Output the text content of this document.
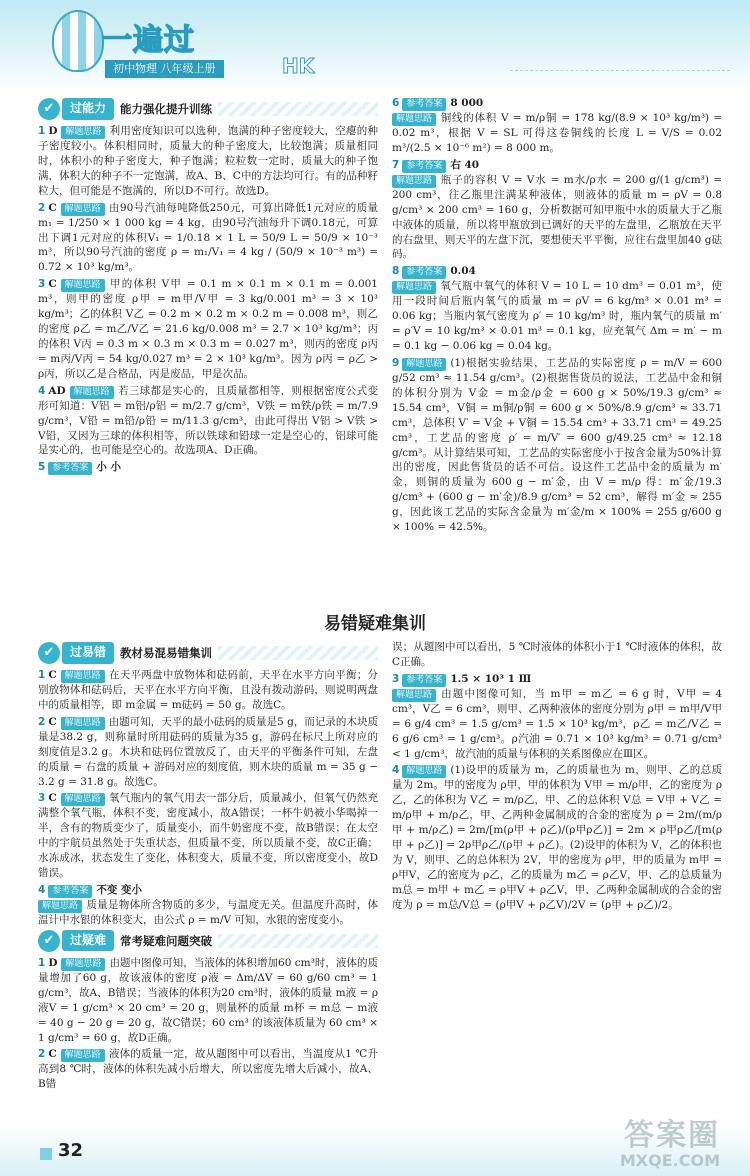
一遍过
初中物理 八年级上册	HK
✔	过能力	能力强化提升训练
1 D 解题思路 利用密度知识可以选种，饱满的种子密度较大，空瘪的种子密度较小。体积相同时，质量大的种子密度大，比较饱满；质量相同时，体积小的种子密度大，种子饱满；粒粒数一定时，质量大的种子饱满，体积大的种子不一定饱满，故A、B、C中的方法均可行。有的品种籽粒大，但可能是不饱满的，所以D不可行。故选D。
2 C 解题思路 由90号汽油每吨降低250元，可算出降低1元对应的质量m₁ = 1/250 × 1 000 kg = 4 kg，由90号汽油每升下调0.18元，可算出下调1元对应的体积V₁ = 1/0.18 × 1 L = 50/9 L = 50/9 × 10⁻³ m³，所以90号汽油的密度 ρ = m₁/V₁ = 4 kg / (50/9 × 10⁻³ m³) = 0.72 × 10³ kg/m³。
3 C 解题思路 甲的体积 V甲 = 0.1 m × 0.1 m × 0.1 m = 0.001 m³，则甲的密度 ρ甲 = m甲/V甲 = 3 kg/0.001 m³ = 3 × 10³ kg/m³；乙的体积 V乙 = 0.2 m × 0.2 m × 0.2 m = 0.008 m³，则乙的密度 ρ乙 = m乙/V乙 = 21.6 kg/0.008 m³ = 2.7 × 10³ kg/m³；丙的体积 V丙 = 0.3 m × 0.3 m × 0.3 m = 0.027 m³，则丙的密度 ρ丙 = m丙/V丙 = 54 kg/0.027 m³ = 2 × 10³ kg/m³。因为 ρ丙 = ρ乙 > ρ丙，所以乙是合格品，丙是废品，甲是次品。
4 AD 解题思路 若三球都是实心的，且质量都相等，则根据密度公式变形可知道：V铝 = m铝/ρ铝 = m/2.7 g/cm³，V铁 = m铁/ρ铁 = m/7.9 g/cm³，V铅 = m铅/ρ铅 = m/11.3 g/cm³，由此可得出 V铝 > V铁 > V铅，又因为三球的体积相等，所以铁球和铅球一定是空心的，铝球可能是实心的，也可能是空心的。故选项A、D正确。
5 参考答案 小 小
6 参考答案 8 000
解题思路 铜线的体积 V = m/ρ铜 = 178 kg/(8.9 × 10³ kg/m³) = 0.02 m³，根据 V = SL 可得这卷铜线的长度 L = V/S = 0.02 m³/(2.5 × 10⁻⁶ m²) = 8 000 m。
7 参考答案 右 40
解题思路 瓶子的容积 V = V水 = m水/ρ水 = 200 g/(1 g/cm³) = 200 cm³，往乙瓶里注满某种液体，则液体的质量 m = ρV = 0.8 g/cm³ × 200 cm³ = 160 g，分析数据可知甲瓶中水的质量大于乙瓶中液体的质量，所以将甲瓶放到已调好的天平的左盘里，乙瓶放在天平的右盘里，则天平的左盘下沉，要想使天平平衡，应往右盘里加40 g砝码。
8 参考答案 0.04
解题思路 氧气瓶中氧气的体积 V = 10 L = 10 dm³ = 0.01 m³，使用一段时间后瓶内氧气的质量 m = ρV = 6 kg/m³ × 0.01 m³ = 0.06 kg；当瓶内氧气密度为 ρ′ = 10 kg/m³ 时，瓶内氧气的质量 m′ = ρ′V = 10 kg/m³ × 0.01 m³ = 0.1 kg，应充氧气 Δm = m′ − m = 0.1 kg − 0.06 kg = 0.04 kg。
9 解题思路 (1)根据实验结果，工艺品的实际密度 ρ = m/V = 600 g/52 cm³ ≈ 11.54 g/cm³。(2)根据售货员的说法，工艺品中金和铜的体积分别为 V金 = m金/ρ金 = 600 g × 50%/19.3 g/cm³ ≈ 15.54 cm³，V铜 = m铜/ρ铜 = 600 g × 50%/8.9 g/cm³ ≈ 33.71 cm³，总体积 V′ = V金 + V铜 = 15.54 cm³ + 33.71 cm³ = 49.25 cm³，工艺品的密度 ρ′ = m/V′ = 600 g/49.25 cm³ ≈ 12.18 g/cm³。从计算结果可知，工艺品的实际密度小于按含金量为50%计算出的密度，因此售货员的话不可信。设这件工艺品中金的质量为 m′金，则铜的质量为 600 g − m′金，由 V = m/ρ 得：m′金/19.3 g/cm³ + (600 g − m′金)/8.9 g/cm³ = 52 cm³，解得 m′金 ≈ 255 g，因此该工艺品的实际含金量为 m′金/m × 100% = 255 g/600 g × 100% = 42.5%。
易错疑难集训
✔	过易错	教材易混易错集训
1 C 解题思路 在天平两盘中放物体和砝码前，天平在水平方向平衡；分别放物体和砝码后，天平在水平方向平衡，且没有拨动游码，则说明两盘中的质量相等，即 m金属 = m砝码 = 50 g。故选C。
2 C 解题思路 由题可知，天平的最小砝码的质量是5 g，而记录的木块质量是38.2 g，则称量时所用砝码的质量为35 g，游码在标尺上所对应的刻度值是3.2 g。木块和砝码位置放反了，由天平的平衡条件可知，左盘的质量 = 右盘的质量 + 游码对应的刻度值，则木块的质量 m = 35 g − 3.2 g = 31.8 g。故选C。
3 C 解题思路 氧气瓶内的氧气用去一部分后，质量减小，但氧气仍然充满整个氧气瓶，体积不变，密度减小，故A错误；一杯牛奶被小华喝掉一半，含有的物质变少了，质量变小，而牛奶密度不变，故B错误；在太空中的宇航员虽然处于失重状态，但质量不变，所以质量不变，故C正确；水冻成冰，状态发生了变化，体积变大，质量不变，所以密度变小，故D错误。
4 参考答案 不变 变小
解题思路 质量是物体所含物质的多少，与温度无关。但温度升高时，体温计中水银的体积变大，由公式 ρ = m/V 可知，水银的密度变小。
✔	过疑难	常考疑难问题突破
1 D 解题思路 由题中图像可知，当液体的体积增加60 cm³时，液体的质量增加了60 g，故该液体的密度 ρ液 = Δm/ΔV = 60 g/60 cm³ = 1 g/cm³，故A、B错误；当液体的体积为20 cm³时，液体的质量 m液 = ρ液V = 1 g/cm³ × 20 cm³ = 20 g，则量杯的质量 m杯 = m总 − m液 = 40 g − 20 g = 20 g，故C错误；60 cm³ 的该液体质量为 60 cm³ × 1 g/cm³ = 60 g，故D正确。
2 C 解题思路 液体的质量一定，故从题图中可以看出，当温度从1 ℃升高到8 ℃时，液体的体积先减小后增大，所以密度先增大后减小，故A、B错
误；从题图中可以看出，5 ℃时液体的体积小于1 ℃时液体的体积，故C正确。
3 参考答案 1.5 × 10³ 1 Ⅲ
解题思路 由题中图像可知，当 m甲 = m乙 = 6 g 时，V甲 = 4 cm³，V乙 = 6 cm³，则甲、乙两种液体的密度分别为 ρ甲 = m甲/V甲 = 6 g/4 cm³ = 1.5 g/cm³ = 1.5 × 10³ kg/m³，ρ乙 = m乙/V乙 = 6 g/6 cm³ = 1 g/cm³。ρ汽油 = 0.71 × 10³ kg/m³ = 0.71 g/cm³ < 1 g/cm³，故汽油的质量与体积的关系图像应在Ⅲ区。
4 解题思路 (1)设甲的质量为 m，乙的质量也为 m，则甲、乙的总质量为 2m。甲的密度为 ρ甲，甲的体积为 V甲 = m/ρ甲，乙的密度为 ρ乙，乙的体积为 V乙 = m/ρ乙，甲、乙的总体积 V总 = V甲 + V乙 = m/ρ甲 + m/ρ乙，甲、乙两种金属制成的合金的密度为 ρ = 2m/(m/ρ甲 + m/ρ乙) = 2m/[m(ρ甲 + ρ乙)/(ρ甲ρ乙)] = 2m × ρ甲ρ乙/[m(ρ甲 + ρ乙)] = 2ρ甲ρ乙/(ρ甲 + ρ乙)。(2)设甲的体积为 V，乙的体积也为 V，则甲、乙的总体积为 2V，甲的密度为 ρ甲，甲的质量为 m甲 = ρ甲V，乙的密度为 ρ乙，乙的质量为 m乙 = ρ乙V，甲、乙的总质量为 m总 = m甲 + m乙 = ρ甲V + ρ乙V，甲、乙两种金属制成的合金的密度为 ρ = m总/V总 = (ρ甲V + ρ乙V)/2V = (ρ甲 + ρ乙)/2。
32	答案圈
MXQE.COM
